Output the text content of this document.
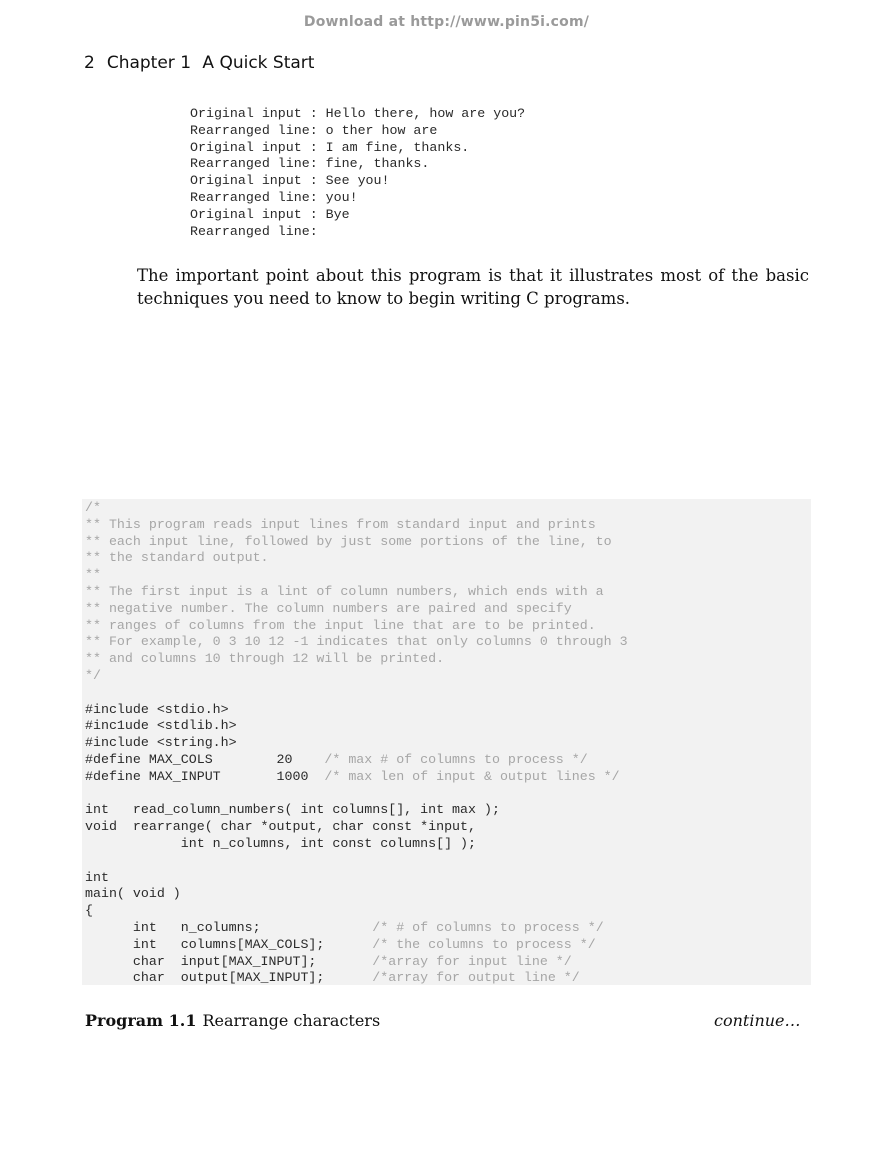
Download at http://www.pin5i.com/
2 Chapter 1 A Quick Start
Original input : Hello there, how are you?
Rearranged line: o ther how are
Original input : I am fine, thanks.
Rearranged line: fine, thanks.
Original input : See you!
Rearranged line: you!
Original input : Bye
Rearranged line:

The important point about this program is that it illustrates most of the basic techniques you need to know to begin writing C programs.
/*
** This program reads input lines from standard input and prints
** each input line, followed by just some portions of the line, to
** the standard output.
**
** The first input is a lint of column numbers, which ends with a
** negative number. The column numbers are paired and specify
** ranges of columns from the input line that are to be printed.
** For example, 0 3 10 12 -1 indicates that only columns 0 through 3
** and columns 10 through 12 will be printed.
*/

#include <stdio.h>
#inc1ude <stdlib.h>
#include <string.h>
#define MAX_COLS        20    /* max # of columns to process */
#define MAX_INPUT       1000  /* max len of input & output lines */

int   read_column_numbers( int columns[], int max );
void  rearrange( char *output, char const *input,
int n_columns, int const columns[] );

int
main( void )
{
int   n_columns;              /* # of columns to process */
int   columns[MAX_COLS];      /* the columns to process */
char  input[MAX_INPUT];       /*array for input line */
char  output[MAX_INPUT];      /*array for output line */

Program 1.1 Rearrange characters	continue…
